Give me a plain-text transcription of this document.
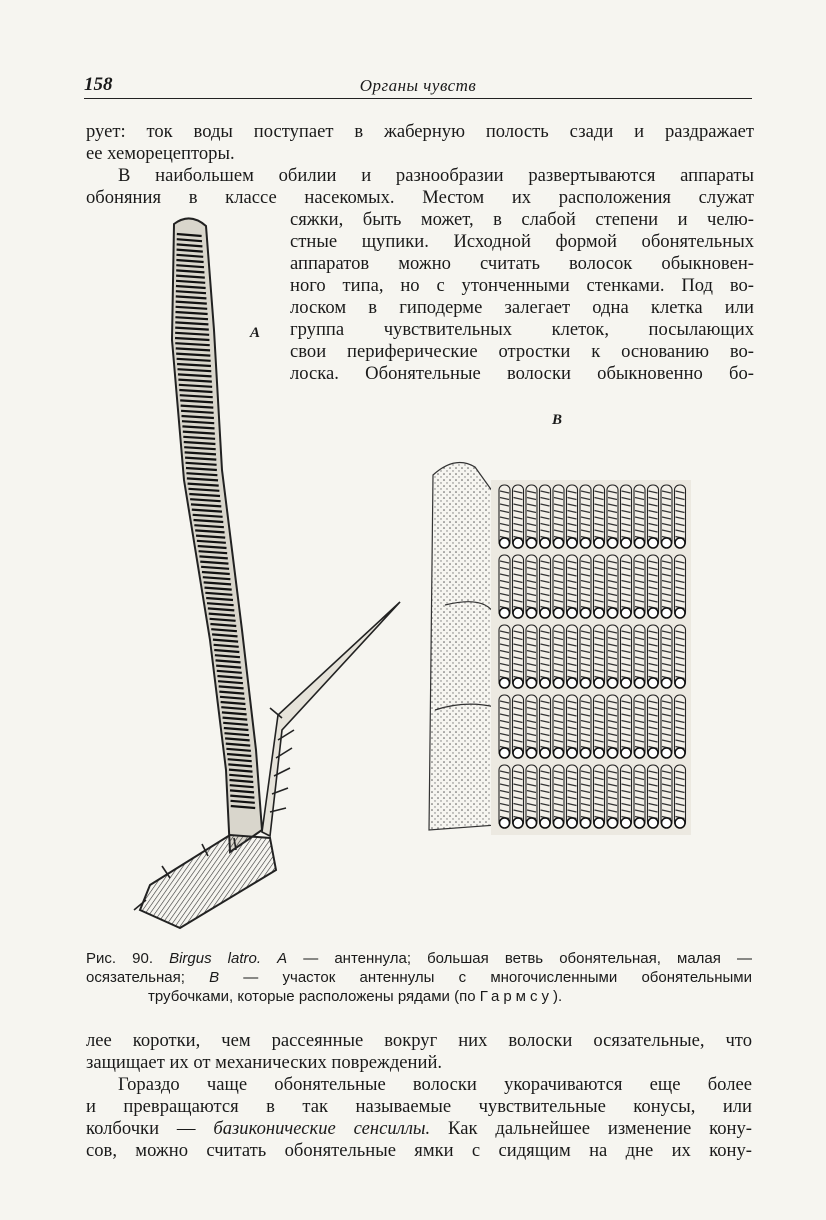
158	Органы чувств
рует: ток воды поступает в жаберную полость сзади и раздражает
ее хеморецепторы.
В наибольшем обилии и разнообразии развертываются аппараты
обоняния в классе насекомых. Местом их расположения служат
сяжки, быть может, в слабой степени и челю-
стные щупики. Исходной формой обонятельных
аппаратов можно считать волосок обыкновен-
ного типа, но с утонченными стенками. Под во-
лоском в гиподерме залегает одна клетка или
группа чувствительных клеток, посылающих
свои периферические отростки к основанию во-
лоска. Обонятельные волоски обыкновенно бо-
А
В
Рис. 90. Birgus latro. А — антеннула; большая ветвь обонятельная, малая —
осязательная; В — участок антеннулы с многочисленными обонятельными
трубочками, которые расположены рядами (по Гармсу).
лее коротки, чем рассеянные вокруг них волоски осязательные, что
защищает их от механических повреждений.
Гораздо чаще обонятельные волоски укорачиваются еще более
и превращаются в так называемые чувствительные конусы, или
колбочки — базиконические сенсиллы. Как дальнейшее изменение кону-
сов, можно считать обонятельные ямки с сидящим на дне их кону-
